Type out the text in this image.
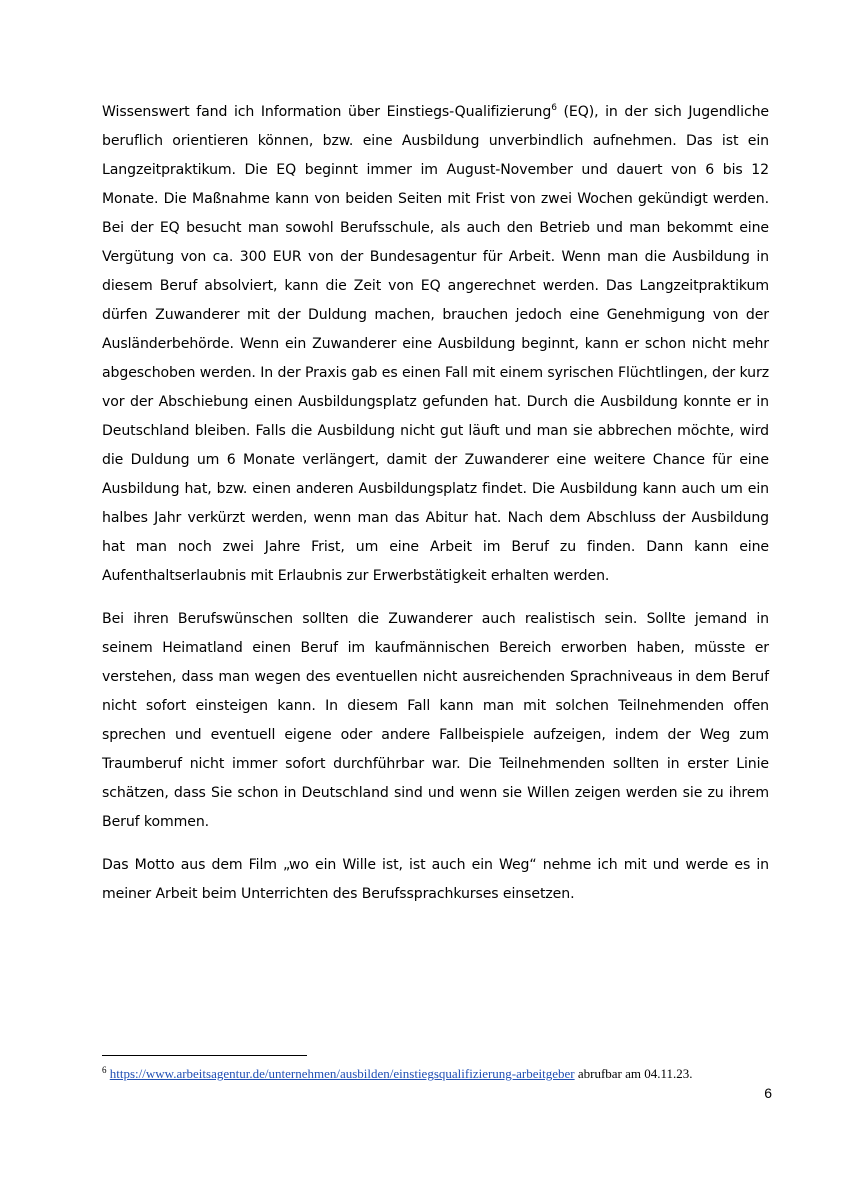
Wissenswert fand ich Information über Einstiegs-Qualifizierung$^6$ (EQ), in der sich Jugendliche beruflich orientieren können, bzw. eine Ausbildung unverbindlich aufnehmen. Das ist ein Langzeitpraktikum. Die EQ beginnt immer im August-November und dauert von 6 bis 12 Monate. Die Maßnahme kann von beiden Seiten mit Frist von zwei Wochen gekündigt werden. Bei der EQ besucht man sowohl Berufsschule, als auch den Betrieb und man bekommt eine Vergütung von ca. 300 EUR von der Bundesagentur für Arbeit. Wenn man die Ausbildung in diesem Beruf absolviert, kann die Zeit von EQ angerechnet werden. Das Langzeitpraktikum dürfen Zuwanderer mit der Duldung machen, brauchen jedoch eine Genehmigung von der Ausländerbehörde. Wenn ein Zuwanderer eine Ausbildung beginnt, kann er schon nicht mehr abgeschoben werden. In der Praxis gab es einen Fall mit einem syrischen Flüchtlingen, der kurz vor der Abschiebung einen Ausbildungsplatz gefunden hat. Durch die Ausbildung konnte er in Deutschland bleiben. Falls die Ausbildung nicht gut läuft und man sie abbrechen möchte, wird die Duldung um 6 Monate verlängert, damit der Zuwanderer eine weitere Chance für eine Ausbildung hat, bzw. einen anderen Ausbildungsplatz findet. Die Ausbildung kann auch um ein halbes Jahr verkürzt werden, wenn man das Abitur hat. Nach dem Abschluss der Ausbildung hat man noch zwei Jahre Frist, um eine Arbeit im Beruf zu finden. Dann kann eine Aufenthaltserlaubnis mit Erlaubnis zur Erwerbstätigkeit erhalten werden.

Bei ihren Berufswünschen sollten die Zuwanderer auch realistisch sein. Sollte jemand in seinem Heimatland einen Beruf im kaufmännischen Bereich erworben haben, müsste er verstehen, dass man wegen des eventuellen nicht ausreichenden Sprachniveaus in dem Beruf nicht sofort einsteigen kann. In diesem Fall kann man mit solchen Teilnehmenden offen sprechen und eventuell eigene oder andere Fallbeispiele aufzeigen, indem der Weg zum Traumberuf nicht immer sofort durchführbar war. Die Teilnehmenden sollten in erster Linie schätzen, dass Sie schon in Deutschland sind und wenn sie Willen zeigen werden sie zu ihrem Beruf kommen.

Das Motto aus dem Film „wo ein Wille ist, ist auch ein Weg“ nehme ich mit und werde es in meiner Arbeit beim Unterrichten des Berufssprachkurses einsetzen.

$^6$ https://www.arbeitsagentur.de/unternehmen/ausbilden/einstiegsqualifizierung-arbeitgeber abrufbar am 04.11.23.
6
